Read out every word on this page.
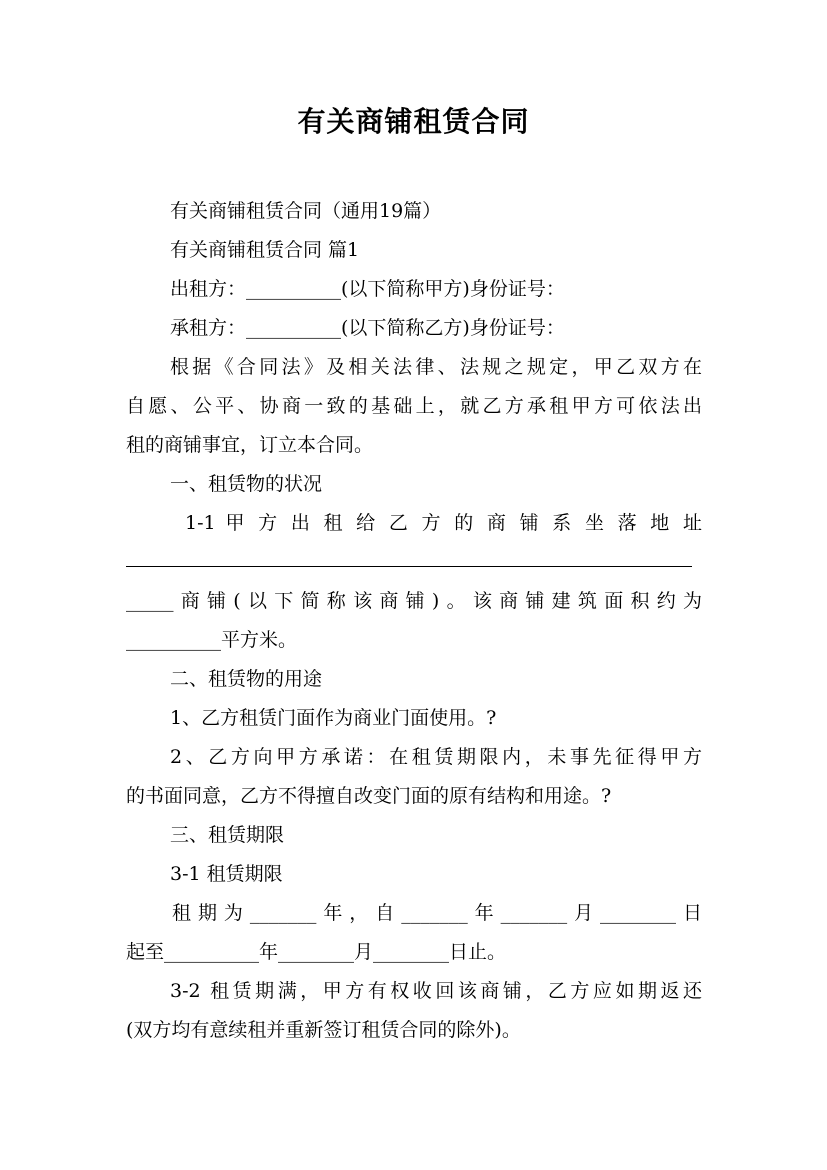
有关商铺租赁合同
有关商铺租赁合同（通用19篇）
有关商铺租赁合同 篇1
出租方：__________(以下简称甲方)身份证号：
承租方：__________(以下简称乙方)身份证号：
根据《合同法》及相关法律、法规之规定，甲乙双方在
自愿、公平、协商一致的基础上，就乙方承租甲方可依法出
租的商铺事宜，订立本合同。
一、租赁物的状况
1-1 甲 方 出 租 给 乙 方 的 商 铺 系 坐 落 地 址
_____商铺(以下简称该商铺)。该商铺建筑面积约为
__________平方米。
二、租赁物的用途
1、乙方租赁门面作为商业门面使用。?
2、乙方向甲方承诺：在租赁期限内，未事先征得甲方
的书面同意，乙方不得擅自改变门面的原有结构和用途。?
三、租赁期限
3-1 租赁期限
租期为_______年，自_______年_______月________日
起至__________年________月________日止。
3-2 租赁期满，甲方有权收回该商铺，乙方应如期返还
(双方均有意续租并重新签订租赁合同的除外)。
